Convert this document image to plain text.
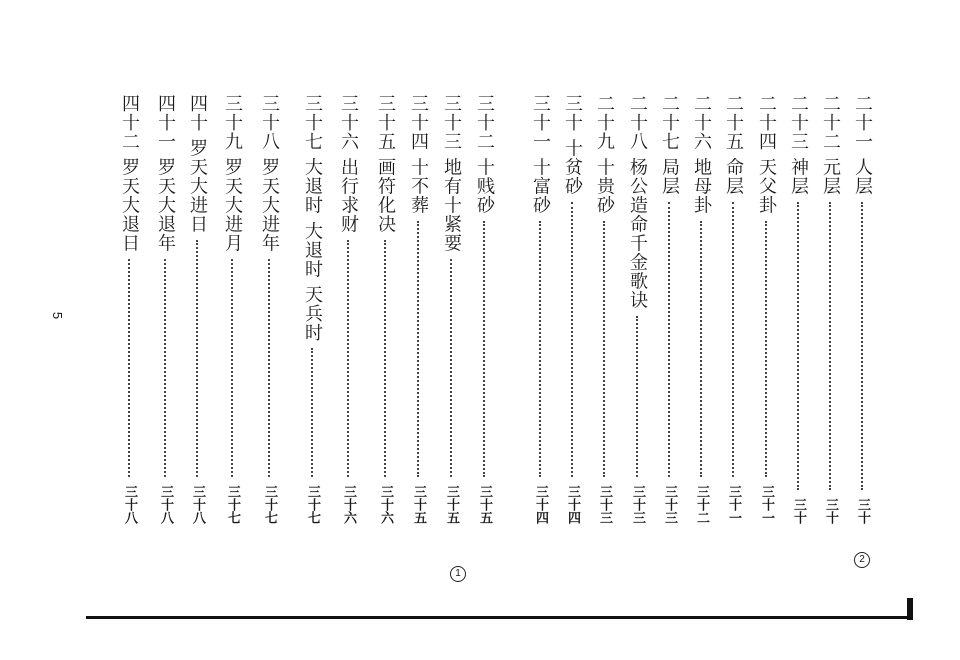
二十一 人层
三十
二十二 元层
三十
二十三 神层
三十
二十四 天父卦
三十一
二十五 命层
三十一
二十六 地母卦
三十二
二十七 局层
三十三
二十八 杨公造命千金歌诀
三十三
二十九 十贵砂
三十三
三十 十贫砂
三十四
三十一 十富砂
三十四
三十二 十贱砂
三十五
三十三 地有十紧要
三十五
三十四 十不葬
三十五
三十五 画符化决
三十六
三十六 出行求财
三十六
三十七 大退时 大退时 天兵时
三十七
三十八 罗天大进年
三十七
三十九 罗天大进月
三十七
四十 罗天大进日
三十八
四十一 罗天大退年
三十八
四十二 罗天大退日
三十八
5
2
1
